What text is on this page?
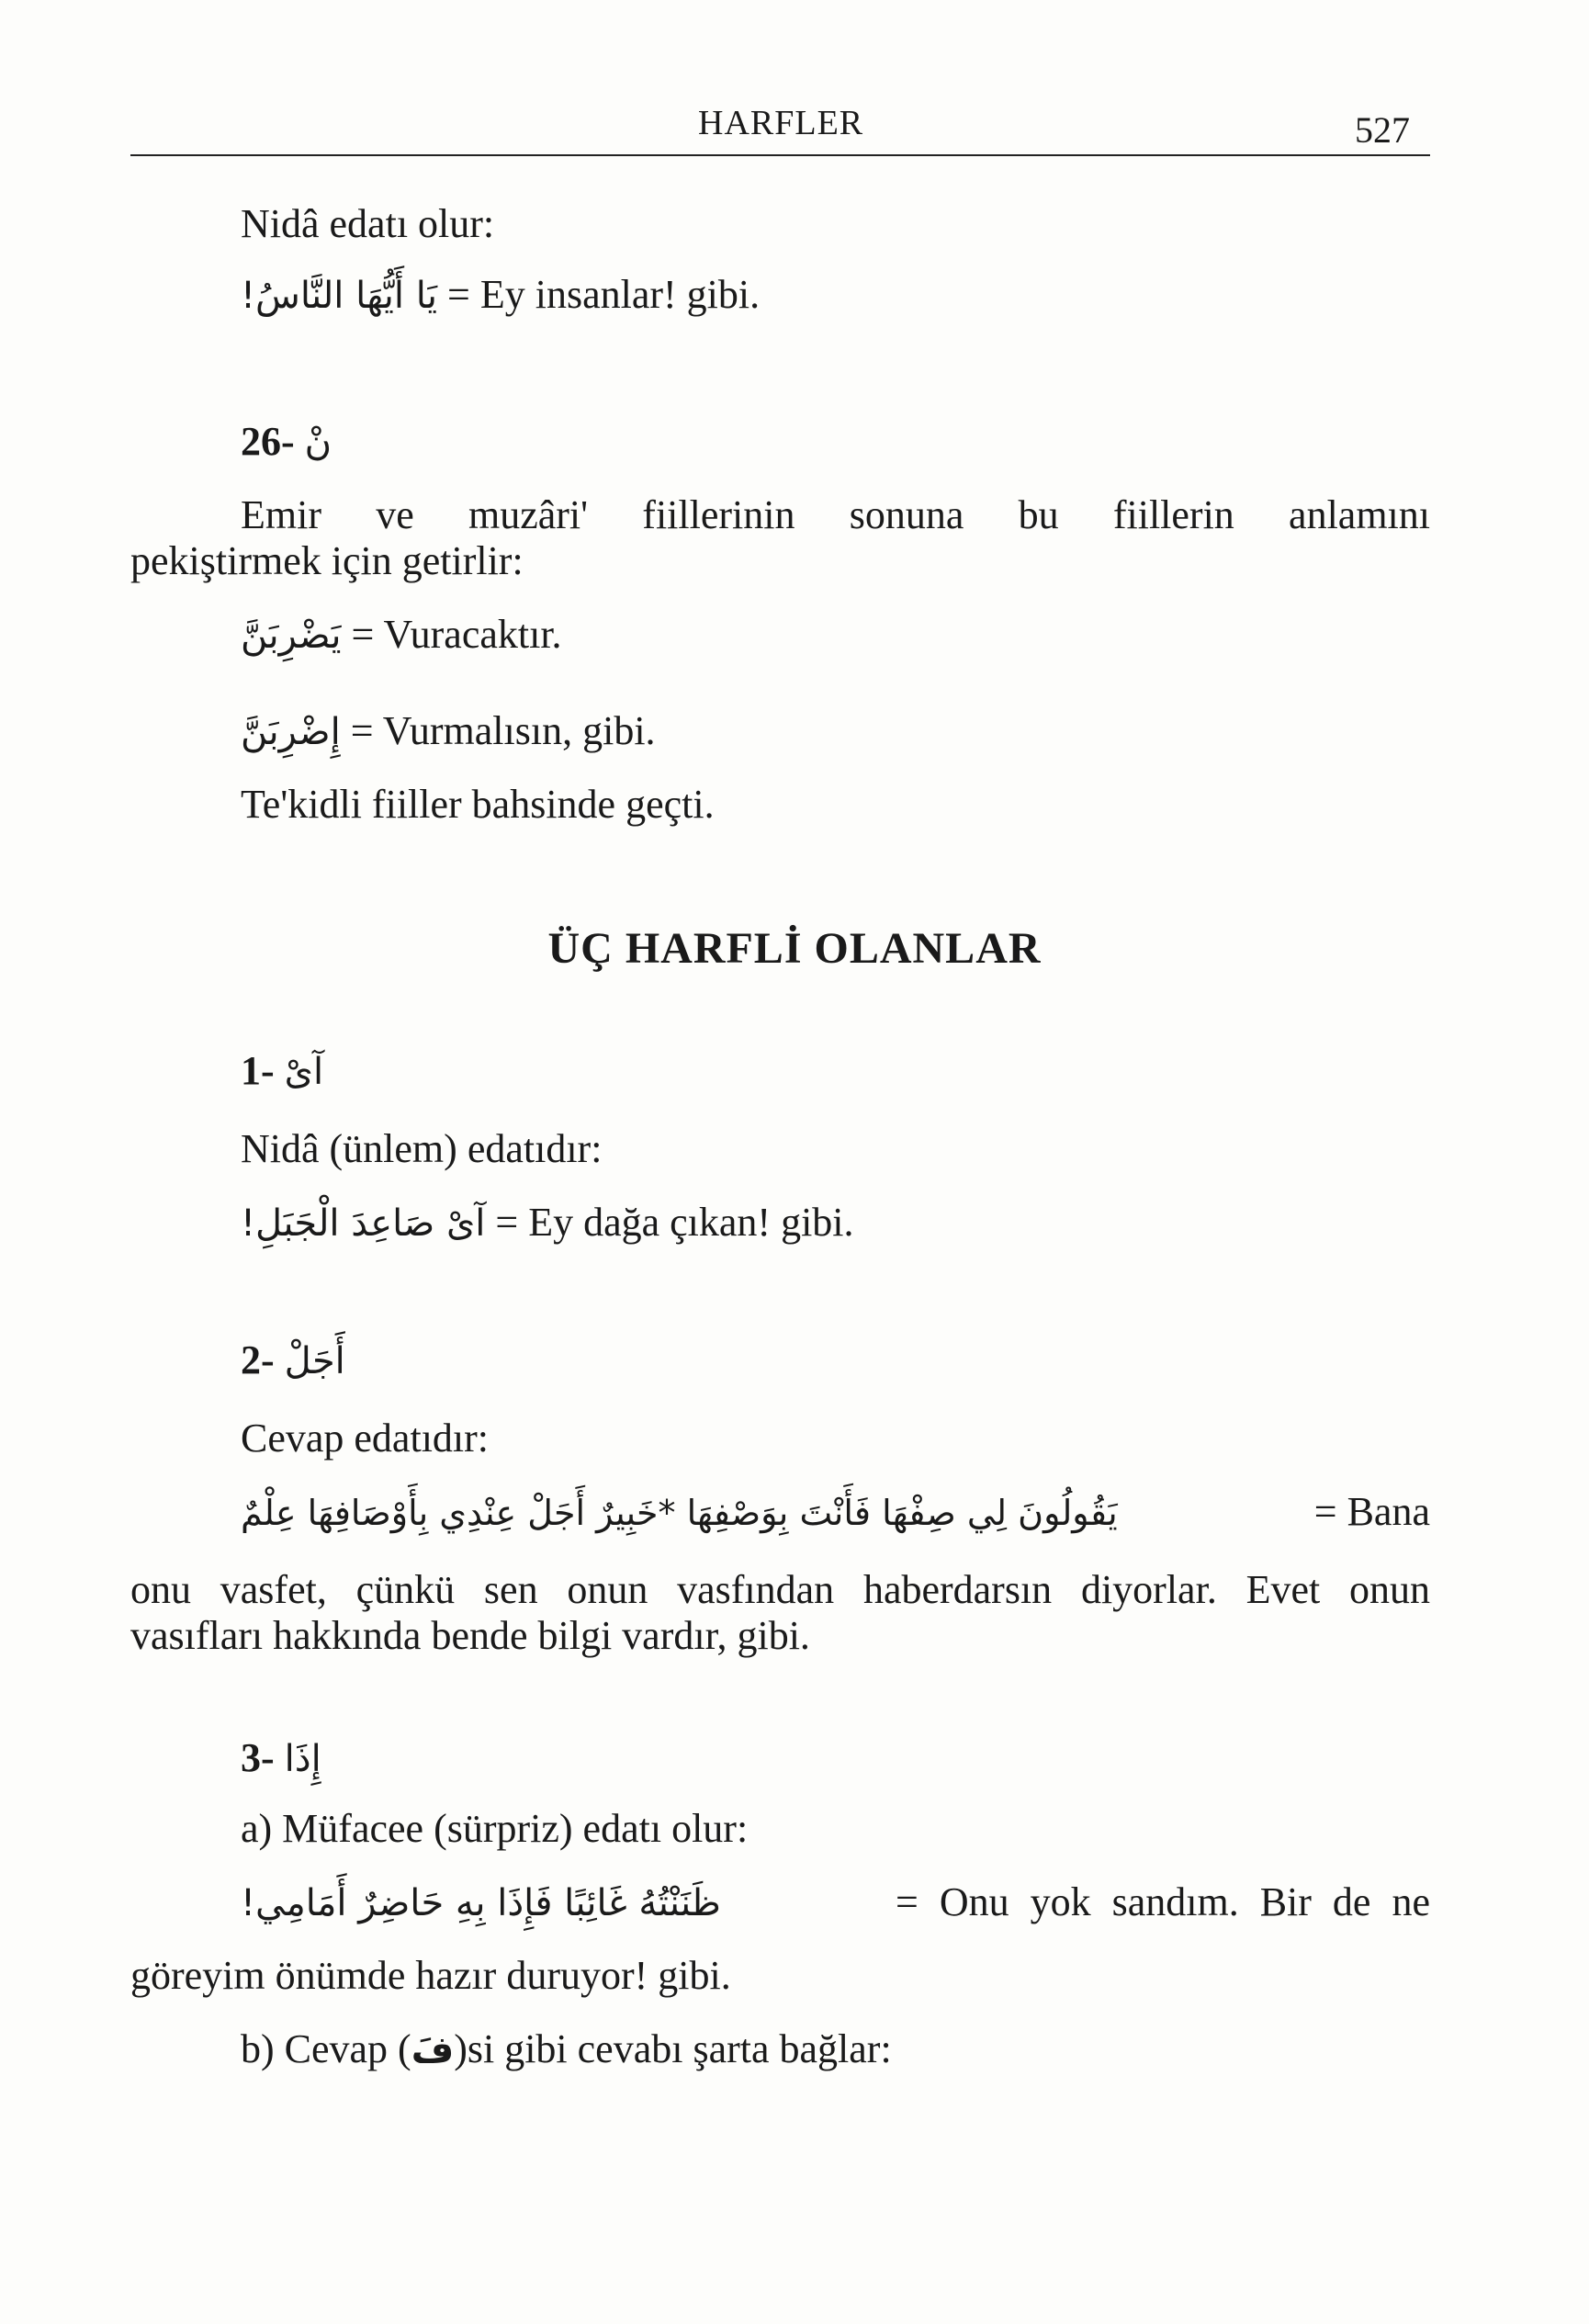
HARFLER	527
Nidâ edatı olur:
يَا أَيُّهَا النَّاسُ! = Ey insanlar! gibi.
26- نْ
Emir ve muzâri' fiillerinin sonuna bu fiillerin anlamını
pekiştirmek için getirlir:
يَضْرِبَنَّ = Vuracaktır.
إِضْرِبَنَّ = Vurmalısın, gibi.
Te'kidli fiiller bahsinde geçti.
ÜÇ HARFLİ OLANLAR
1- آىْ
Nidâ (ünlem) edatıdır:
آىْ صَاعِدَ الْجَبَلِ! = Ey dağa çıkan! gibi.
2- أَجَلْ
Cevap edatıdır:
يَقُولُونَ لِي صِفْهَا فَأَنْتَ بِوَصْفِهَا *خَبِيرٌ أَجَلْ عِنْدِي بِأَوْصَافِهَا عِلْمٌ	= Bana
onu vasfet, çünkü sen onun vasfından haberdarsın diyorlar. Evet onun
vasıfları hakkında bende bilgi vardır, gibi.
3- إِذَا
a) Müfacee (sürpriz) edatı olur:
ظَنَنْتُهُ غَائِبًا فَإِذَا بِهِ حَاضِرٌ أَمَامِي!	= Onu yok sandım. Bir de ne
göreyim önümde hazır duruyor! gibi.
b) Cevap (فَ)si gibi cevabı şarta bağlar:
